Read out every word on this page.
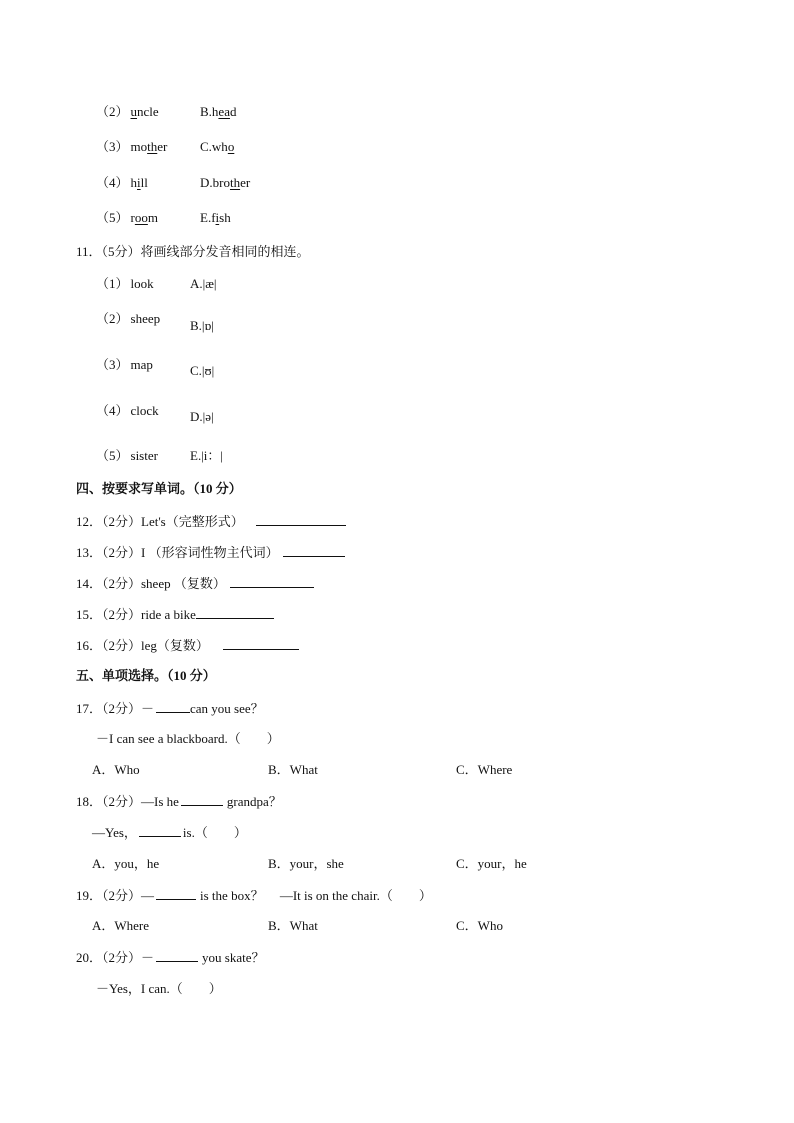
（2） uncle	B.head
（3） mother	C.who
（4） hill	D.brother
（5） room	E.fish
11．（5分）将画线部分发音相同的相连。
（1） look	A.|æ|
（2） sheep B.|ɒ|
（3） map	C.|ʊ|
（4） clock D.|ə|
（5） sister E.|i：|
四、按要求写单词。（10 分）
12．（2分）Let's（完整形式）
13．（2分）I （形容词性物主代词）
14．（2分）sheep （复数）
15．（2分）ride a bike
16．（2分）leg（复数）
五、单项选择。（10 分）
17．（2分）－	can you see？
－I can see a blackboard.（　　）
A．Who	B．What	C．Where
18．（2分）—Is he	grandpa？
—Yes，	is.（　　）
A．you，he	B．your，she	C．your，he
19．（2分）—	is the box？　 —It is on the chair.（　　）
A．Where	B．What	C．Who
20．（2分）－	you skate？
－Yes，I can.（　　）
